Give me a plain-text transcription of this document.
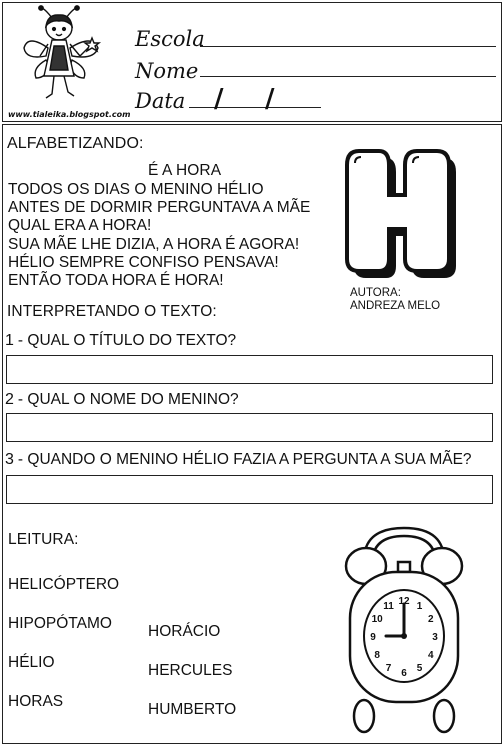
www.tialeika.blogspot.com
Escola
Nome
Data / /
ALFABETIZANDO:
É A HORA
TODOS OS DIAS O MENINO HÉLIO
ANTES DE DORMIR PERGUNTAVA A MÃE
QUAL ERA A HORA!
SUA MÃE LHE DIZIA, A HORA É AGORA!
HÉLIO SEMPRE CONFISO PENSAVA!
ENTÃO TODA HORA É HORA!
H
AUTORA:
ANDREZA MELO
INTERPRETANDO O TEXTO:
1 - QUAL O TÍTULO DO TEXTO?
2 - QUAL O NOME DO MENINO?
3 - QUANDO O MENINO HÉLIO FAZIA A PERGUNTA A SUA MÃE?
LEITURA:
HELICÓPTERO
HIPOPÓTAMO
HÉLIO
HORAS
HORÁCIO
HERCULES
HUMBERTO
12 1
2
3
4
5
6
7
8
9
10
11
